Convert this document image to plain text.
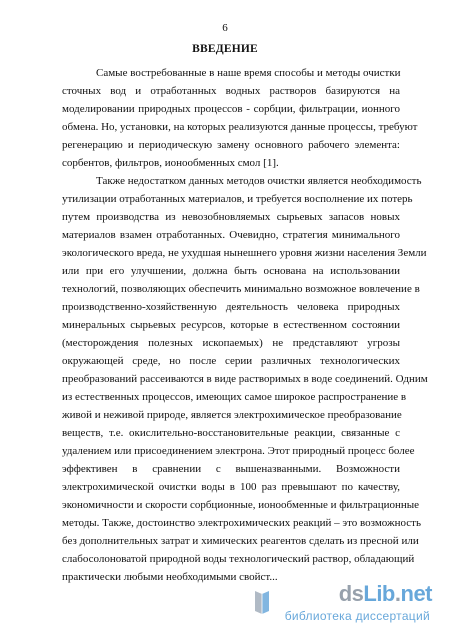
6
ВВЕДЕНИЕ
Самые востребованные в наше время способы и методы очистки
сточных вод и отработанных водных растворов базируются на
моделировании природных процессов - сорбции, фильтрации, ионного
обмена. Но, установки, на которых реализуются данные процессы, требуют
регенерацию и периодическую замену основного рабочего элемента:
сорбентов, фильтров, ионообменных смол [1].
Также недостатком данных методов очистки является необходимость
утилизации отработанных материалов, и требуется восполнение их потерь
путем производства из невозобновляемых сырьевых запасов новых
материалов взамен отработанных. Очевидно, стратегия минимального
экологического вреда, не ухудшая нынешнего уровня жизни населения Земли
или при его улучшении, должна быть основана на использовании
технологий, позволяющих обеспечить минимально возможное вовлечение в
производственно-хозяйственную деятельность человека природных
минеральных сырьевых ресурсов, которые в естественном состоянии
(месторождения полезных ископаемых) не представляют угрозы
окружающей среде, но после серии различных технологических
преобразований рассеиваются в виде растворимых в воде соединений. Одним
из естественных процессов, имеющих самое широкое распространение в
живой и неживой природе, является электрохимическое преобразование
веществ, т.е. окислительно-восстановительные реакции, связанные с
удалением или присоединением электрона. Этот природный процесс более
эффективен в сравнении с вышеназванными. Возможности
электрохимической очистки воды в 100 раз превышают по качеству,
экономичности и скорости сорбционные, ионообменные и фильтрационные
методы. Также, достоинство электрохимических реакций – это возможность
без дополнительных затрат и химических реагентов сделать из пресной или
слабосолоноватой природной воды технологический раствор, обладающий
практически любыми необходимыми свойст...
dsLib.net
библиотека диссертаций
